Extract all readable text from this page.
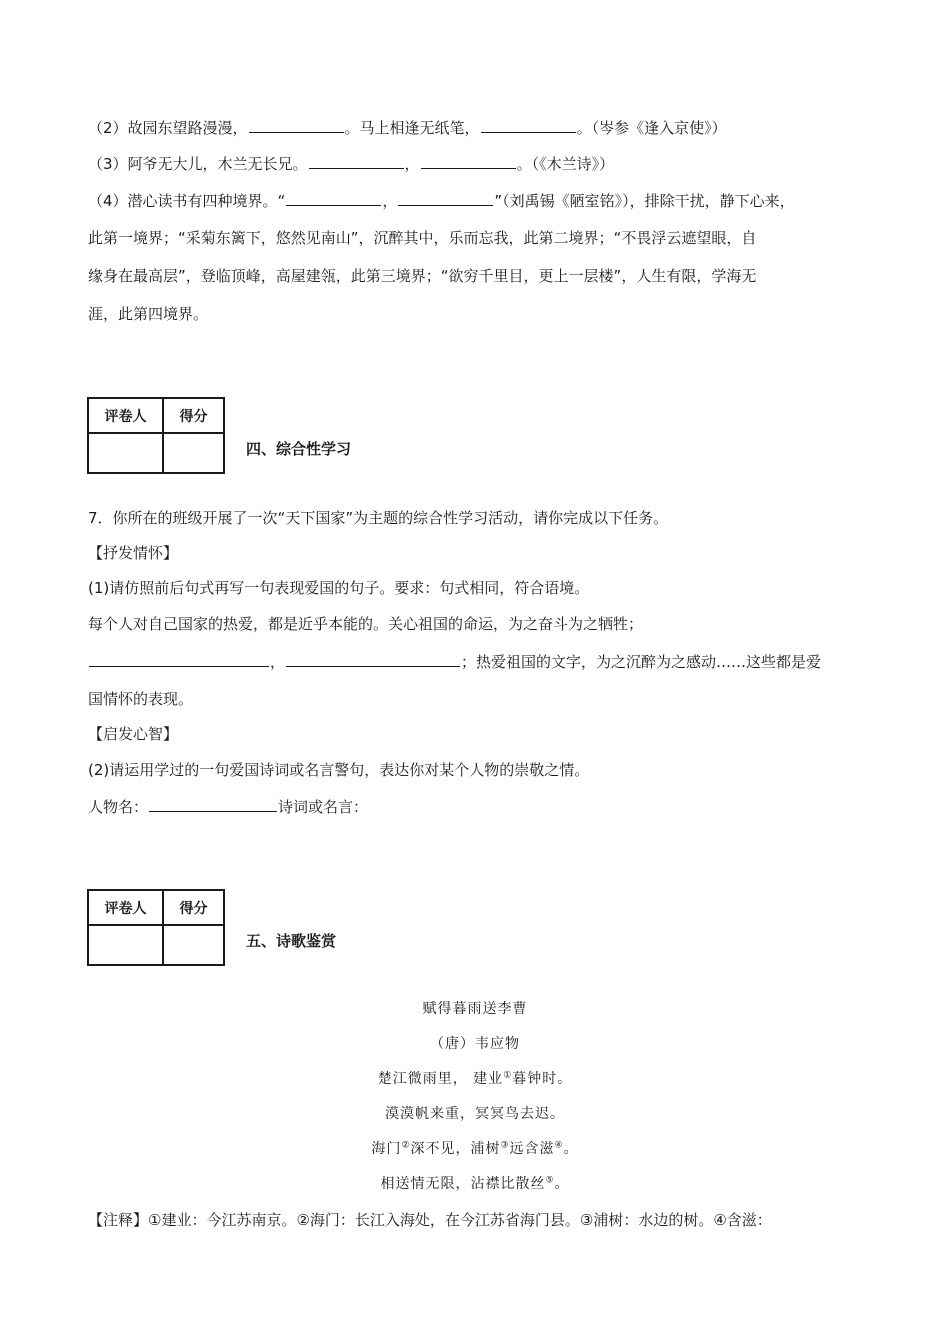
（2）故园东望路漫漫，	。马上相逢无纸笔，	。（岑参《逢入京使》）
（3）阿爷无大儿，木兰无长兄。	，	。（《木兰诗》）
（4）潜心读书有四种境界。“	，	”（刘禹锡《陋室铭》），排除干扰，静下心来，
此第一境界；“采菊东篱下，悠然见南山”，沉醉其中，乐而忘我，此第二境界；“不畏浮云遮望眼，自
缘身在最高层”，登临顶峰，高屋建瓴，此第三境界；“欲穷千里目，更上一层楼”，人生有限，学海无
涯，此第四境界。
评卷人	得分

四、综合性学习
7．你所在的班级开展了一次“天下国家”为主题的综合性学习活动，请你完成以下任务。
【抒发情怀】
(1)请仿照前后句式再写一句表现爱国的句子。要求：句式相同，符合语境。
每个人对自己国家的热爱，都是近乎本能的。关心祖国的命运，为之奋斗为之牺牲；
，	；热爱祖国的文字，为之沉醉为之感动……这些都是爱
国情怀的表现。
【启发心智】
(2)请运用学过的一句爱国诗词或名言警句，表达你对某个人物的崇敬之情。
人物名：	诗词或名言：
评卷人	得分

五、诗歌鉴赏
赋得暮雨送李曹
（唐）韦应物
楚江微雨里， 建业①暮钟时。
漠漠帆来重，冥冥鸟去迟。
海门②深不见，浦树③远含滋④。
相送情无限，沾襟比散丝⑤。
【注释】①建业：今江苏南京。②海门：长江入海处，在今江苏省海门县。③浦树：水边的树。④含滋：
